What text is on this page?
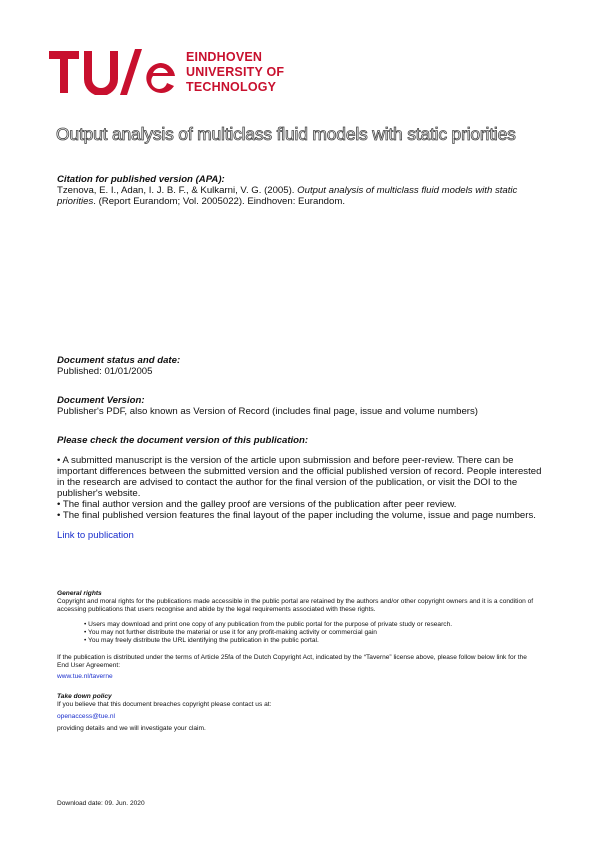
EINDHOVEN
UNIVERSITY OF
TECHNOLOGY
Output analysis of multiclass fluid models with static priorities
Citation for published version (APA):
Tzenova, E. I., Adan, I. J. B. F., & Kulkarni, V. G. (2005). Output analysis of multiclass fluid models with static priorities. (Report Eurandom; Vol. 2005022). Eindhoven: Eurandom.
Document status and date:
Published: 01/01/2005
Document Version:
Publisher's PDF, also known as Version of Record (includes final page, issue and volume numbers)
Please check the document version of this publication:
• A submitted manuscript is the version of the article upon submission and before peer-review. There can be important differences between the submitted version and the official published version of record. People interested in the research are advised to contact the author for the final version of the publication, or visit the DOI to the publisher's website.
• The final author version and the galley proof are versions of the publication after peer review.
• The final published version features the final layout of the paper including the volume, issue and page numbers.
Link to publication
General rights
Copyright and moral rights for the publications made accessible in the public portal are retained by the authors and/or other copyright owners and it is a condition of accessing publications that users recognise and abide by the legal requirements associated with these rights.
• Users may download and print one copy of any publication from the public portal for the purpose of private study or research.
• You may not further distribute the material or use it for any profit-making activity or commercial gain
• You may freely distribute the URL identifying the publication in the public portal.
If the publication is distributed under the terms of Article 25fa of the Dutch Copyright Act, indicated by the “Taverne” license above, please follow below link for the End User Agreement:
www.tue.nl/taverne
Take down policy
If you believe that this document breaches copyright please contact us at:
openaccess@tue.nl
providing details and we will investigate your claim.
Download date: 09. Jun. 2020
